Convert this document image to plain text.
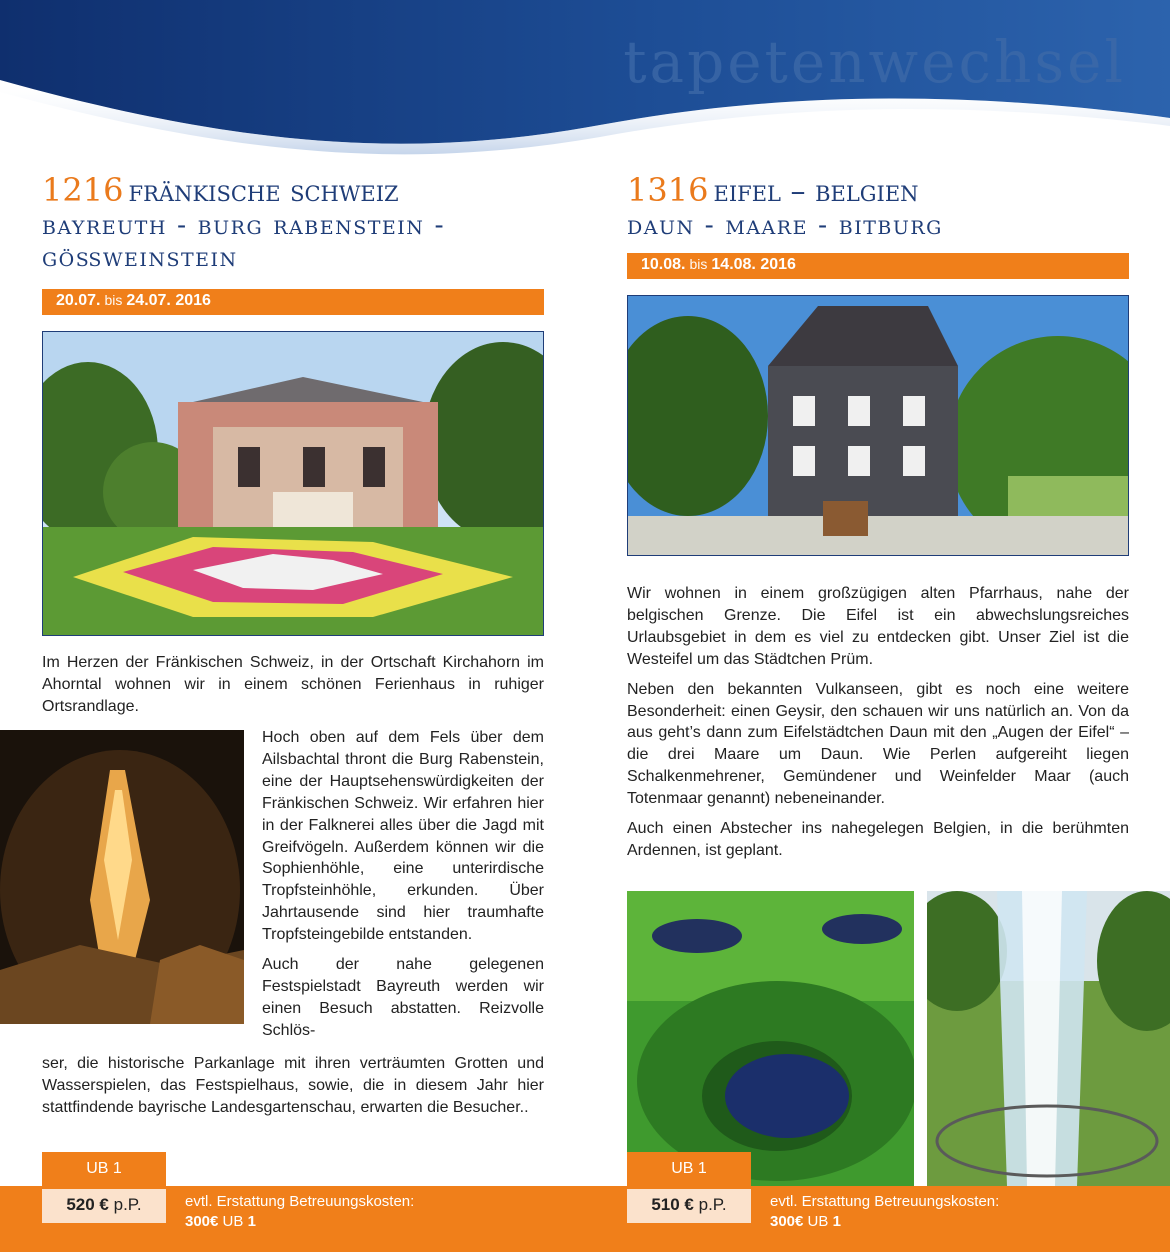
tapetenwechsel
1216 fränkische schweiz
bayreuth - burg rabenstein -
gößweinstein
20.07. bis 24.07. 2016

Im Herzen der Fränkischen Schweiz, in der Ortschaft Kirchahorn im Ahorntal wohnen wir in einem schönen Ferienhaus in ruhiger Ortsrandlage.

Hoch oben auf dem Fels über dem Ailsbachtal thront die Burg Rabenstein, eine der Hauptsehenswürdigkeiten der Fränkischen Schweiz. Wir erfahren hier in der Falknerei alles über die Jagd mit Greifvögeln. Außerdem können wir die Sophienhöhle, eine unterirdische Tropfsteinhöhle, erkunden. Über Jahrtausende sind hier traumhafte Tropfsteingebilde entstanden.

Auch der nahe gelegenen Festspielstadt Bayreuth werden wir einen Besuch abstatten. Reizvolle Schlös-

ser, die historische Parkanlage mit ihren verträumten Grotten und Wasserspielen, das Festspielhaus, sowie, die in diesem Jahr hier stattfindende bayrische Landesgartenschau, erwarten die Besucher..

1316 eifel – belgien
daun - maare - bitburg
10.08. bis 14.08. 2016

Wir wohnen in einem großzügigen alten Pfarrhaus, nahe der belgischen Grenze. Die Eifel ist ein abwechslungsreiches Urlaubsgebiet in dem es viel zu entdecken gibt. Unser Ziel ist die Westeifel um das Städtchen Prüm.

Neben den bekannten Vulkanseen, gibt es noch eine weitere Besonderheit: einen Geysir, den schauen wir uns natürlich an. Von da aus geht’s dann zum Eifelstädtchen Daun mit den „Augen der Eifel“ – die drei Maare um Daun. Wie Perlen aufgereiht liegen Schalkenmehrener, Gemündener und Weinfelder Maar (auch Totenmaar genannt) nebeneinander.

Auch einen Abstecher ins nahegelegen Belgien, in die berühmten Ardennen, ist geplant.

UB 1
520 € p.P.	evtl. Erstattung Betreuungskosten:
300€ UB 1
UB 1
510 € p.P.	evtl. Erstattung Betreuungskosten:
300€ UB 1
